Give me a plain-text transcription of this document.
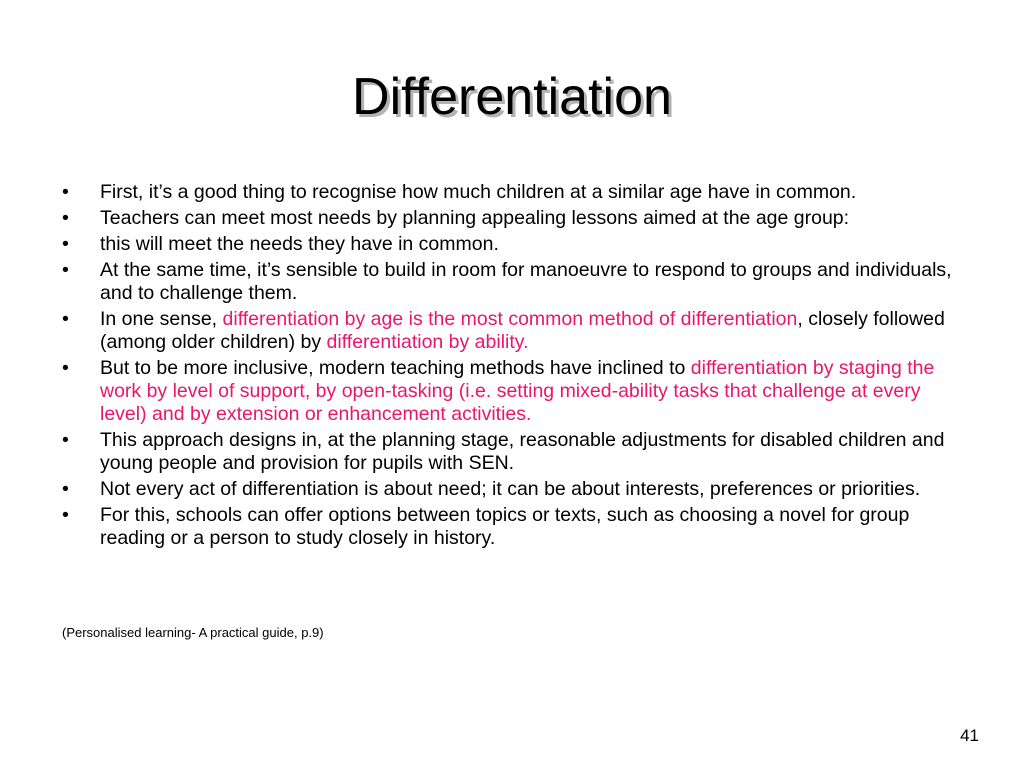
Differentiation
•	First, it’s a good thing to recognise how much children at a similar age have in common.
•	Teachers can meet most needs by planning appealing lessons aimed at the age group:
•	this will meet the needs they have in common.
•	At the same time, it’s sensible to build in room for manoeuvre to respond to groups and individuals, and to challenge them.
•	In one sense, differentiation by age is the most common method of differentiation, closely followed (among older children) by differentiation by ability.
•	But to be more inclusive, modern teaching methods have inclined to differentiation by staging the work by level of support, by open-tasking (i.e. setting mixed-ability tasks that challenge at every level) and by extension or enhancement activities.
•	This approach designs in, at the planning stage, reasonable adjustments for disabled children and young people and provision for pupils with SEN.
•	Not every act of differentiation is about need; it can be about interests, preferences or priorities.
•	For this, schools can offer options between topics or texts, such as choosing a novel for group reading or a person to study closely in history.
(Personalised learning- A practical guide, p.9)
41
